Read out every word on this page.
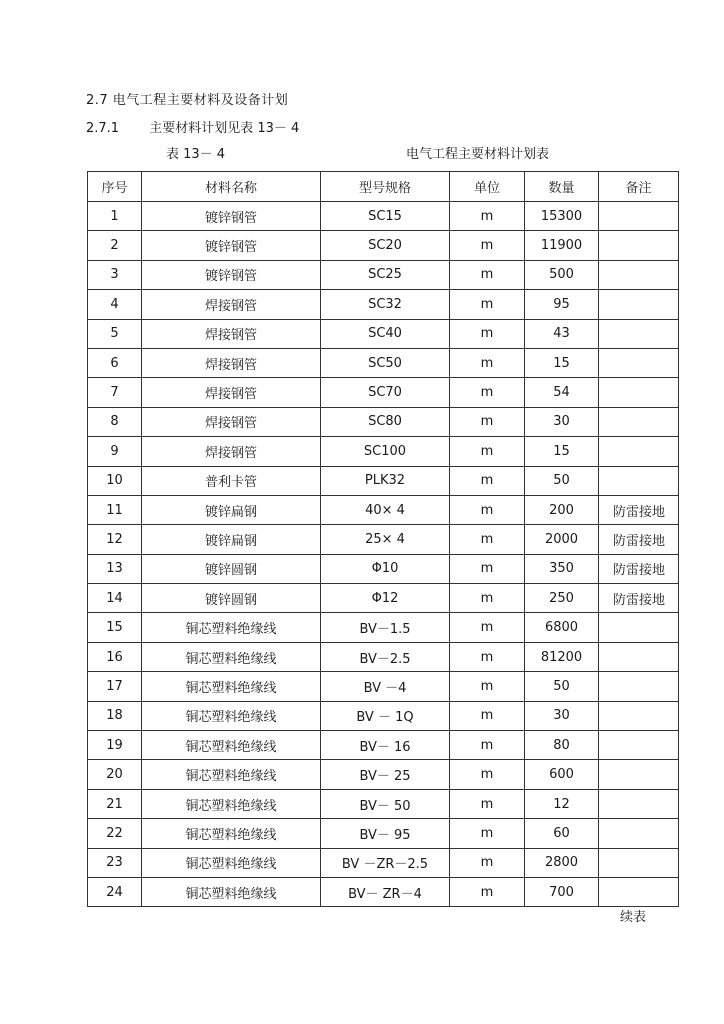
2.7 电气工程主要材料及设备计划
2.7.1 主要材料计划见表 13－ 4
表 13－ 4	电气工程主要材料计划表
序号	材料名称	型号规格	单位	数量	备注
1	镀锌钢管	SC15	m	15300	
2	镀锌钢管	SC20	m	11900	
3	镀锌钢管	SC25	m	500	
4	焊接钢管	SC32	m	95	
5	焊接钢管	SC40	m	43	
6	焊接钢管	SC50	m	15	
7	焊接钢管	SC70	m	54	
8	焊接钢管	SC80	m	30	
9	焊接钢管	SC100	m	15	
10	普利卡管	PLK32	m	50	
11	镀锌扁钢	40× 4	m	200	防雷接地
12	镀锌扁钢	25× 4	m	2000	防雷接地
13	镀锌圆钢	Φ10	m	350	防雷接地
14	镀锌圆钢	Φ12	m	250	防雷接地
15	铜芯塑料绝缘线	BV－1.5	m	6800	
16	铜芯塑料绝缘线	BV－2.5	m	81200	
17	铜芯塑料绝缘线	BV －4	m	50	
18	铜芯塑料绝缘线	BV － 1Q	m	30	
19	铜芯塑料绝缘线	BV－ 16	m	80	
20	铜芯塑料绝缘线	BV－ 25	m	600	
21	铜芯塑料绝缘线	BV－ 50	m	12	
22	铜芯塑料绝缘线	BV－ 95	m	60	
23	铜芯塑料绝缘线	BV －ZR－2.5	m	2800	
24	铜芯塑料绝缘线	BV－ ZR－4	m	700	
续表
